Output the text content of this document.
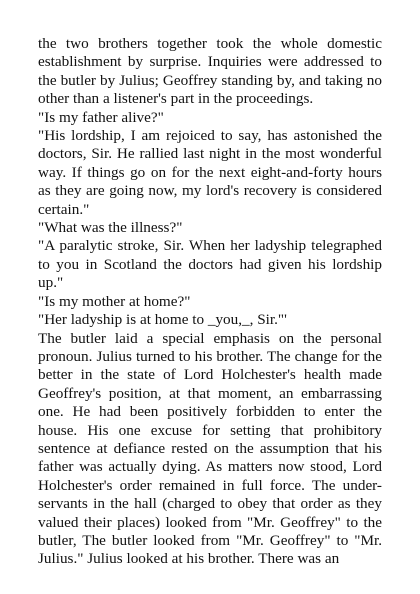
the two brothers together took the whole domestic establishment by surprise. Inquiries were addressed to the butler by Julius; Geoffrey standing by, and taking no other than a listener's part in the proceedings.

"Is my father alive?"

"His lordship, I am rejoiced to say, has astonished the doctors, Sir. He rallied last night in the most wonderful way. If things go on for the next eight-and-forty hours as they are going now, my lord's recovery is considered certain."

"What was the illness?"

"A paralytic stroke, Sir. When her ladyship telegraphed to you in Scotland the doctors had given his lordship up."

"Is my mother at home?"

"Her ladyship is at home to _you,_, Sir."'

The butler laid a special emphasis on the personal pronoun. Julius turned to his brother. The change for the better in the state of Lord Holchester's health made Geoffrey's position, at that moment, an embarrassing one. He had been positively forbidden to enter the house. His one excuse for setting that prohibitory sentence at defiance rested on the assumption that his father was actually dying. As matters now stood, Lord Holchester's order remained in full force. The under-servants in the hall (charged to obey that order as they valued their places) looked from "Mr. Geoffrey" to the butler, The butler looked from "Mr. Geoffrey" to "Mr. Julius." Julius looked at his brother. There was an
